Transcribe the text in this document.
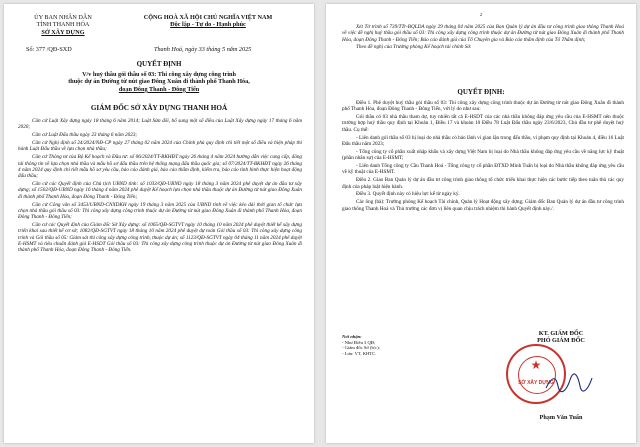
ỦY BAN NHÂN DÂN
TỈNH THANH HÓA
SỞ XÂY DỰNG
CỘNG HOÀ XÃ HỘI CHỦ NGHĨA VIỆT NAM
Độc lập - Tự do - Hạnh phúc
Số: 377 /QĐ-SXD	Thanh Hoá, ngày 33 tháng 5 năm 2025
QUYẾT ĐỊNH
V/v huỷ thầu gói thầu số 03: Thi công xây dựng công trình
thuộc dự án Đường từ nút giao Đông Xuân đi thành phố Thanh Hóa,
đoạn Đông Thanh - Đông Tiến
GIÁM ĐỐC SỞ XÂY DỰNG THANH HOÁ

Căn cứ Luật Xây dựng ngày 18 tháng 6 năm 2014; Luật Sửa đổi, bổ sung một số điều của Luật Xây dựng ngày 17 tháng 6 năm 2020;

Căn cứ Luật Đấu thầu ngày 23 tháng 6 năm 2023;

Căn cứ Nghị định số 24/2024/NĐ-CP ngày 27 tháng 02 năm 2024 của Chính phủ quy định chi tiết một số điều và biện pháp thi hành Luật Đấu thầu về lựa chọn nhà thầu;

Căn cứ Thông tư của Bộ Kế hoạch và Đầu tư: số 06/2024/TT-BKHĐT ngày 26 tháng 4 năm 2024 hướng dẫn việc cung cấp, đăng tải thông tin về lựa chọn nhà thầu và mẫu hồ sơ đấu thầu trên hệ thống mạng đấu thầu quốc gia; số 07/2024/TT-BKHĐT ngày 26 tháng 4 năm 2024 quy định chi tiết mẫu hồ sơ yêu cầu, báo cáo đánh giá, báo cáo thẩm định, kiểm tra, báo cáo tình hình thực hiện hoạt động đấu thầu;

Căn cứ các Quyết định của Chủ tịch UBND tỉnh: số 1033/QĐ-UBND ngày 18 tháng 3 năm 2024 phê duyệt dự án đầu tư xây dựng; số 1502/QĐ-UBND ngày 16 tháng 4 năm 2024 phê duyệt Kế hoạch lựa chọn nhà thầu thuộc dự án Đường từ nút giao Đông Xuân đi thành phố Thanh Hóa, đoạn Đông Thanh - Đông Tiến;

Căn cứ Công văn số 3453/UBND-CNXDKH ngày 19 tháng 3 năm 2025 của UBND tỉnh về việc kéo dài thời gian tổ chức lựa chọn nhà thầu gói thầu số 03: Thi công xây dựng công trình thuộc dự án Đường từ nút giao Đông Xuân đi thành phố Thanh Hóa, đoạn Đông Thanh - Đông Tiến;

Căn cứ các Quyết định của Giám đốc Sở Xây dựng: số 1065/QĐ-SGTVT ngày 10 tháng 10 năm 2024 phê duyệt thiết kế xây dựng triển khai sau thiết kế cơ sở; 1082/QĐ-SGTVT ngày 18 tháng 10 năm 2024 phê duyệt dự toán Gói thầu số 03: Thi công xây dựng công trình và Gói thầu số 05: Giám sát thi công xây dựng công trình, thuộc dự án; số 1123/QĐ-SGTVT ngày 04 tháng 11 năm 2024 phê duyệt E-HSMT và tiêu chuẩn đánh giá E-HSDT Gói thầu số 03: Thi công xây dựng công trình thuộc dự án Đường từ nút giao Đông Xuân đi thành phố Thanh Hóa, đoạn Đông Thanh - Đông Tiến.

2

Xét Tờ trình số 739/TTr-BQLDA ngày 29 tháng 04 năm 2025 của Ban Quản lý dự án đầu tư công trình giao thông Thanh Hoá về việc đề nghị huỷ thầu gói thầu số 03: Thi công xây dựng công trình thuộc dự án Đường từ nút giao Đông Xuân đi thành phố Thanh Hóa, đoạn Đông Thanh - Đông Tiến; Báo cáo đánh giá của Tổ Chuyên gia và Báo cáo thẩm định của Tổ Thẩm định;

Theo đề nghị của Trưởng phòng Kế hoạch tài chính Sở.

QUYẾT ĐỊNH:

Điều 1. Phê duyệt huỷ thầu gói thầu số 03: Thi công xây dựng công trình thuộc dự án Đường từ nút giao Đông Xuân đi thành phố Thanh Hóa, đoạn Đông Thanh - Đông Tiến, với lý do như sau:

Gói thầu có 03 nhà thầu tham dự, tuy nhiên tất cả E-HSDT của các nhà thầu không đáp ứng yêu cầu của E-HSMT nên thuộc trường hợp huỷ thầu quy định tại Khoản 1, Điều 17 và khoản 10 Điều 78 Luật Đấu thầu ngày 23/6/2023, Chủ đầu tư phê duyệt huỷ thầu. Cụ thể:

- Liên danh gói thầu số 03 bị loại do nhà thầu có bảo lãnh vi gian lận trong đấu thầu, vi phạm quy định tại Khoản 4, điều 16 Luật Đấu thầu năm 2023;

- Tổng công ty cổ phần xuất nhập khẩu và xây dựng Việt Nam bị loại do Nhà thầu không đáp ứng yêu cầu về năng lực kỹ thuật (phần nhân sự) của E-HSMT;

- Liên danh Tổng công ty Cầu Thanh Hoá - Tổng công ty cổ phần ĐTXD Minh Tuấn bị loại do Nhà thầu không đáp ứng yêu cầu về kỹ thuật của E-HSMT.

Điều 2. Giao Ban Quản lý dự án đầu tư công trình giao thông tổ chức triển khai thực hiện các bước tiếp theo tuân thủ các quy định của pháp luật hiện hành.

Điều 3. Quyết định này có hiệu lực kể từ ngày ký.

Các ông (bà): Trưởng phòng Kế hoạch Tài chính, Quản lý Hoạt động xây dựng; Giám đốc Ban Quản lý dự án đầu tư công trình giao thông Thanh Hoá và Thủ trưởng các đơn vị liên quan chịu trách nhiệm thi hành Quyết định này./.

Nơi nhận:
- Như Điều 3 QĐ;
- Giám đốc Sở (b/c);
- Lưu: VT, KHTC.
KT. GIÁM ĐỐC
PHÓ GIÁM ĐỐC
★
SỞ XÂY DỰNG
Phạm Văn Tuấn
